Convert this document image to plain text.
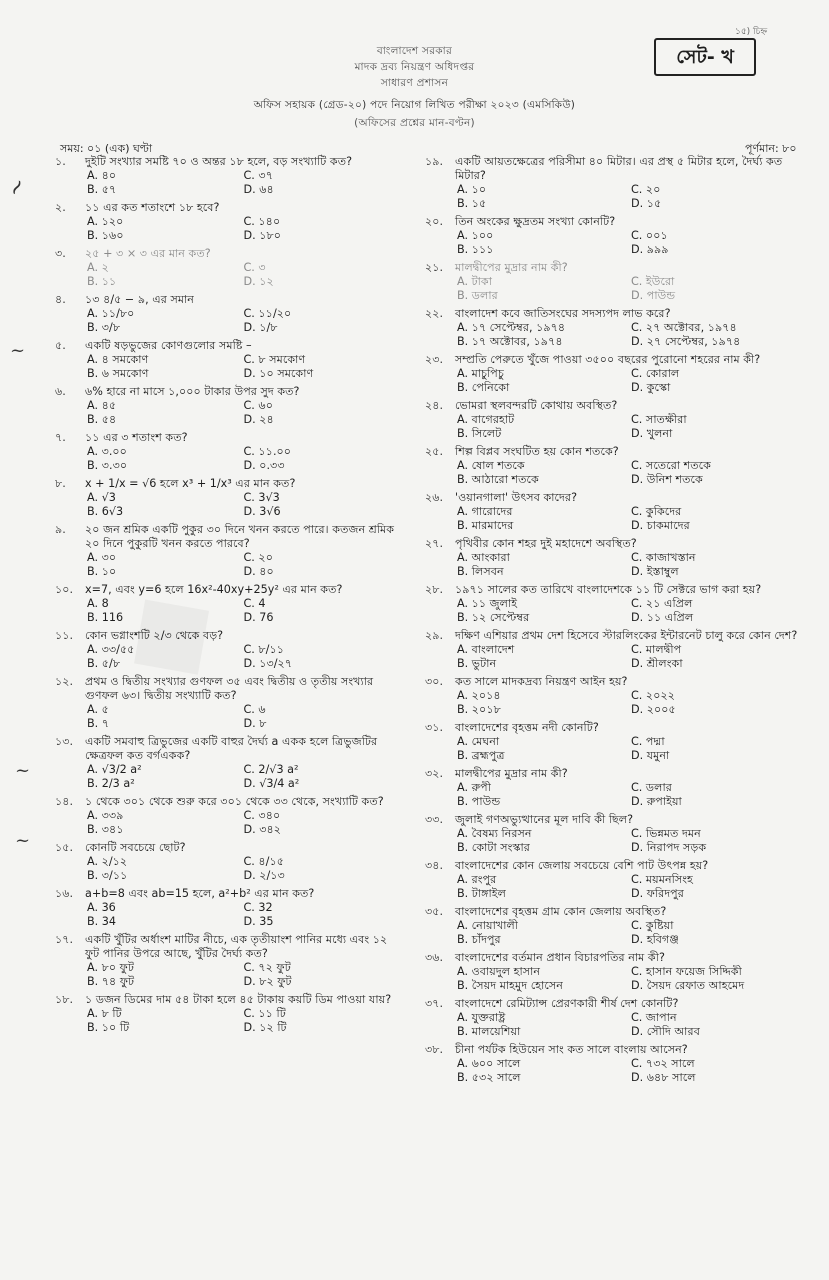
বাংলাদেশ সরকার
মাদক দ্রব্য নিয়ন্ত্রণ অধিদপ্তর
সাধারণ প্রশাসন
অফিস সহায়ক (গ্রেড-২০) পদে নিয়োগ লিখিত পরীক্ষা ২০২৩ (এমসিকিউ)
(অফিসের প্রশ্নের মান-বণ্টন)
১৫) চিহ্ন
সেট- খ
সময়: ০১ (এক) ঘণ্টা	পূর্ণমান: ৮০
১.	দুইটি সংখ্যার সমষ্টি ৭০ ও অন্তর ১৮ হলে, বড় সংখ্যাটি কত?
A. ৪০	C. ৩৭
B. ৫৭	D. ৬৪
২.	১১ এর কত শতাংশে ১৮ হবে?
A. ১২০	C. ১৪০
B. ১৬০	D. ১৮০
৩.	২৫ + ৩ × ৩ এর মান কত?
A. ২	C. ৩
B. ১১	D. ১২
৪.	১৩ ৪/৫ − ৯, এর সমান
A. ১১/৮০	C. ১১/২০
B. ৩/৮	D. ১/৮
৫.	একটি ষড়ভুজের কোণগুলোর সমষ্টি –
A. ৪ সমকোণ	C. ৮ সমকোণ
B. ৬ সমকোণ	D. ১০ সমকোণ
৬.	৬% হারে না মাসে ১,০০০ টাকার উপর সুদ কত?
A. ৪৫	C. ৬০
B. ৫৪	D. ২৪
৭.	১১ এর ৩ শতাংশ কত?
A. ৩.০০	C. ১১.০০
B. ৩.৩০	D. ০.৩৩
৮.	x + 1/x = √6 হলে x³ + 1/x³ এর মান কত?
A. √3	C. 3√3
B. 6√3	D. 3√6
৯.	২০ জন শ্রমিক একটি পুকুর ৩০ দিনে খনন করতে পারে। কতজন শ্রমিক ২০ দিনে পুকুরটি খনন করতে পারবে?
A. ৩০	C. ২০
B. ১০	D. ৪০
১০.	x=7, এবং y=6 হলে 16x²-40xy+25y² এর মান কত?
A. 8	C. 4
B. 116	D. 76
১১.	কোন ভগ্নাংশটি ২/৩ থেকে বড়?
A. ৩৩/৫৫	C. ৮/১১
B. ৫/৮	D. ১৩/২৭
১২.	প্রথম ও দ্বিতীয় সংখ্যার গুণফল ৩৫ এবং দ্বিতীয় ও তৃতীয় সংখ্যার গুণফল ৬৩। দ্বিতীয় সংখ্যাটি কত?
A. ৫	C. ৬
B. ৭	D. ৮
১৩.	একটি সমবাহু ত্রিভুজের একটি বাহুর দৈর্ঘ্য a একক হলে ত্রিভুজটির ক্ষেত্রফল কত বর্গএকক?
A. √3/2 a²	C. 2/√3 a²
B. 2/3 a²	D. √3/4 a²
১৪.	১ থেকে ৩০১ থেকে শুরু করে ৩০১ থেকে ৩৩ থেকে, সংখ্যাটি কত?
A. ৩৩৯	C. ৩৪০
B. ৩৪১	D. ৩৪২
১৫.	কোনটি সবচেয়ে ছোট?
A. ২/১২	C. ৪/১৫
B. ৩/১১	D. ২/১৩
১৬.	a+b=8 এবং ab=15 হলে, a²+b² এর মান কত?
A. 36	C. 32
B. 34	D. 35
১৭.	একটি খুঁটির অর্ধাংশ মাটির নীচে, এক তৃতীয়াংশ পানির মধ্যে এবং ১২ ফুট পানির উপরে আছে, খুঁটির দৈর্ঘ্য কত?
A. ৮০ ফুট	C. ৭২ ফুট
B. ৭৪ ফুট	D. ৮২ ফুট
১৮.	১ ডজন ডিমের দাম ৫৪ টাকা হলে ৪৫ টাকায় কয়টি ডিম পাওয়া যায়?
A. ৮ টি	C. ১১ টি
B. ১০ টি	D. ১২ টি
১৯.	একটি আয়তক্ষেত্রের পরিসীমা ৪০ মিটার। এর প্রস্থ ৫ মিটার হলে, দৈর্ঘ্য কত মিটার?
A. ১০	C. ২০
B. ১৫	D. ১৫
২০.	তিন অংকের ক্ষুদ্রতম সংখ্যা কোনটি?
A. ১০০	C. ০০১
B. ১১১	D. ৯৯৯
২১.	মালদ্বীপের মুদ্রার নাম কী?
A. টাকা	C. ইউরো
B. ডলার	D. পাউন্ড
২২.	বাংলাদেশ কবে জাতিসংঘের সদস্যপদ লাভ করে?
A. ১৭ সেপ্টেম্বর, ১৯৭৪	C. ২৭ অক্টোবর, ১৯৭৪
B. ১৭ অক্টোবর, ১৯৭৪	D. ২৭ সেপ্টেম্বর, ১৯৭৪
২৩.	সম্প্রতি পেরুতে খুঁজে পাওয়া ৩৫০০ বছরের পুরোনো শহরের নাম কী?
A. মাচুপিচু	C. কোরাল
B. পেনিকো	D. কুস্কো
২৪.	ভোমরা স্থলবন্দরটি কোথায় অবস্থিত?
A. বাগেরহাট	C. সাতক্ষীরা
B. সিলেট	D. খুলনা
২৫.	শিল্প বিপ্লব সংঘটিত হয় কোন শতকে?
A. ষোল শতকে	C. সতেরো শতকে
B. আঠারো শতকে	D. উনিশ শতকে
২৬.	'ওয়ানগালা' উৎসব কাদের?
A. গারোদের	C. কুকিদের
B. মারমাদের	D. চাকমাদের
২৭.	পৃথিবীর কোন শহর দুই মহাদেশে অবস্থিত?
A. আংকারা	C. কাজাখস্তান
B. লিসবন	D. ইস্তাম্বুল
২৮.	১৯৭১ সালের কত তারিখে বাংলাদেশকে ১১ টি সেক্টরে ভাগ করা হয়?
A. ১১ জুলাই	C. ২১ এপ্রিল
B. ১২ সেপ্টেম্বর	D. ১১ এপ্রিল
২৯.	দক্ষিণ এশিয়ার প্রথম দেশ হিসেবে স্টারলিংকের ইন্টারনেট চালু করে কোন দেশ?
A. বাংলাদেশ	C. মালদ্বীপ
B. ভুটান	D. শ্রীলংকা
৩০.	কত সালে মাদকদ্রব্য নিয়ন্ত্রণ আইন হয়?
A. ২০১৪	C. ২০২২
B. ২০১৮	D. ২০০৫
৩১.	বাংলাদেশের বৃহত্তম নদী কোনটি?
A. মেঘনা	C. পদ্মা
B. ব্রহ্মপুত্র	D. যমুনা
৩২.	মালদ্বীপের মুদ্রার নাম কী?
A. রুপী	C. ডলার
B. পাউন্ড	D. রুপাইয়া
৩৩.	জুলাই গণঅভ্যুত্থানের মূল দাবি কী ছিল?
A. বৈষম্য নিরসন	C. ভিন্নমত দমন
B. কোটা সংস্কার	D. নিরাপদ সড়ক
৩৪.	বাংলাদেশের কোন জেলায় সবচেয়ে বেশি পাট উৎপন্ন হয়?
A. রংপুর	C. ময়মনসিংহ
B. টাঙ্গাইল	D. ফরিদপুর
৩৫.	বাংলাদেশের বৃহত্তম গ্রাম কোন জেলায় অবস্থিত?
A. নোয়াখালী	C. কুষ্টিয়া
B. চাঁদপুর	D. হবিগঞ্জ
৩৬.	বাংলাদেশের বর্তমান প্রধান বিচারপতির নাম কী?
A. ওবায়দুল হাসান	C. হাসান ফয়েজ সিদ্দিকী
B. সৈয়দ মাহমুদ হোসেন	D. সৈয়দ রেফাত আহমেদ
৩৭.	বাংলাদেশে রেমিট্যান্স প্রেরণকারী শীর্ষ দেশ কোনটি?
A. যুক্তরাষ্ট্র	C. জাপান
B. মালয়েশিয়া	D. সৌদি আরব
৩৮.	চীনা পর্যটক হিউয়েন সাং কত সালে বাংলায় আসেন?
A. ৬০০ সালে	C. ৭৩২ সালে
B. ৫৩২ সালে	D. ৬৪৮ সালে
~
~
~
~
